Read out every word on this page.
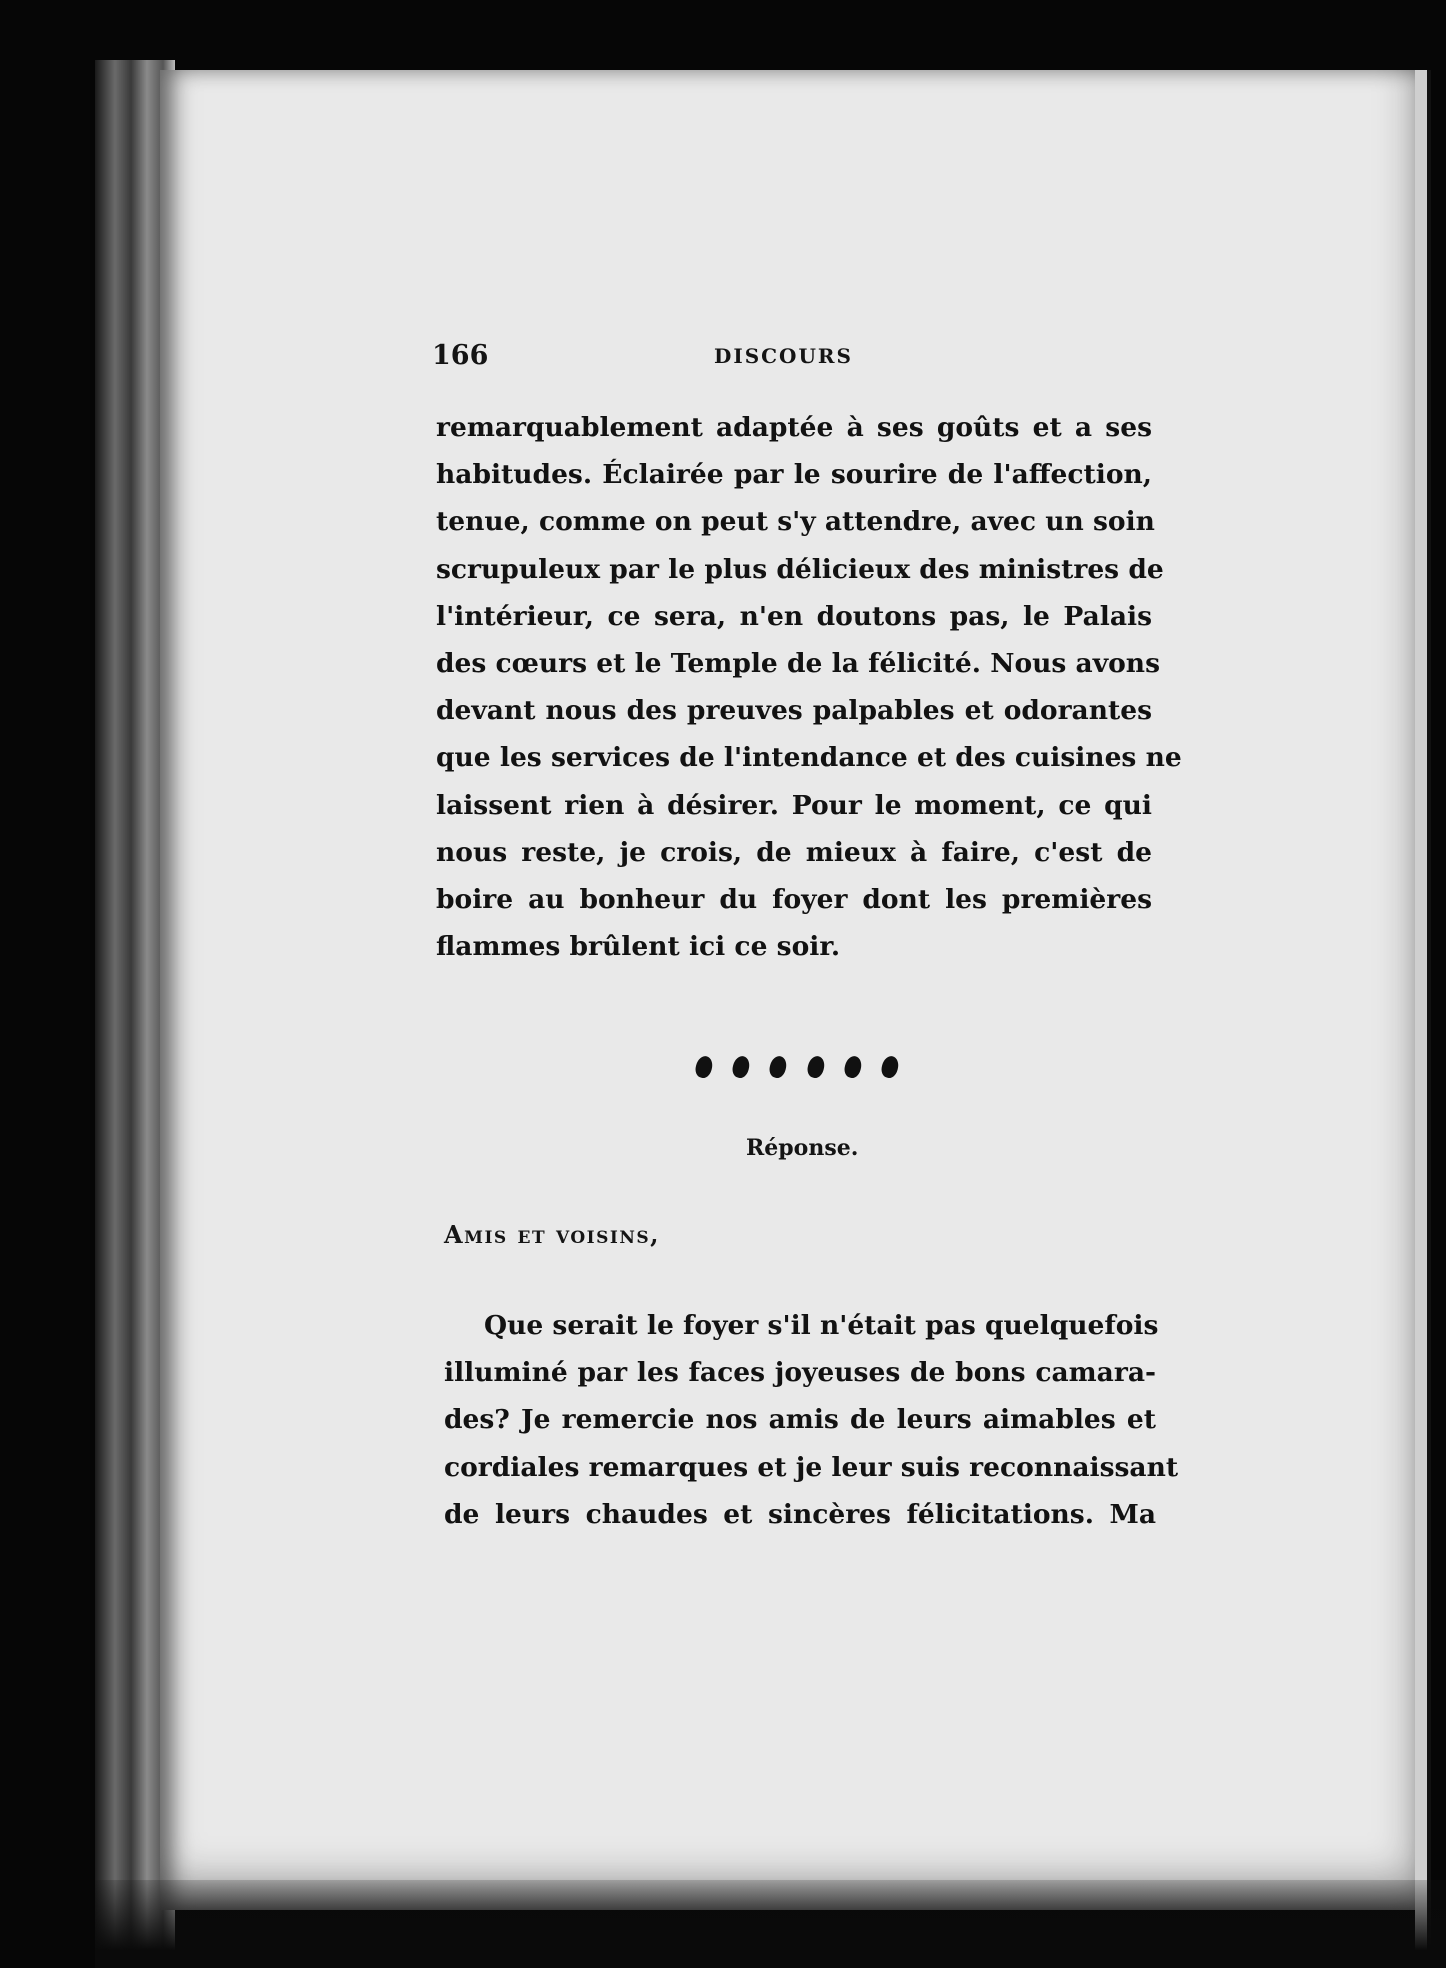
166	DISCOURS
remarquablement adaptée à ses goûts et a ses
habitudes. Éclairée par le sourire de l'affection,
tenue, comme on peut s'y attendre, avec un soin
scrupuleux par le plus délicieux des ministres de
l'intérieur, ce sera, n'en doutons pas, le Palais
des cœurs et le Temple de la félicité. Nous avons
devant nous des preuves palpables et odorantes
que les services de l'intendance et des cuisines ne
laissent rien à désirer. Pour le moment, ce qui
nous reste, je crois, de mieux à faire, c'est de
boire au bonheur du foyer dont les premières
flammes brûlent ici ce soir.
Réponse.
Amis et voisins,
Que serait le foyer s'il n'était pas quelquefois
illuminé par les faces joyeuses de bons camara-
des? Je remercie nos amis de leurs aimables et
cordiales remarques et je leur suis reconnaissant
de leurs chaudes et sincères félicitations. Ma
